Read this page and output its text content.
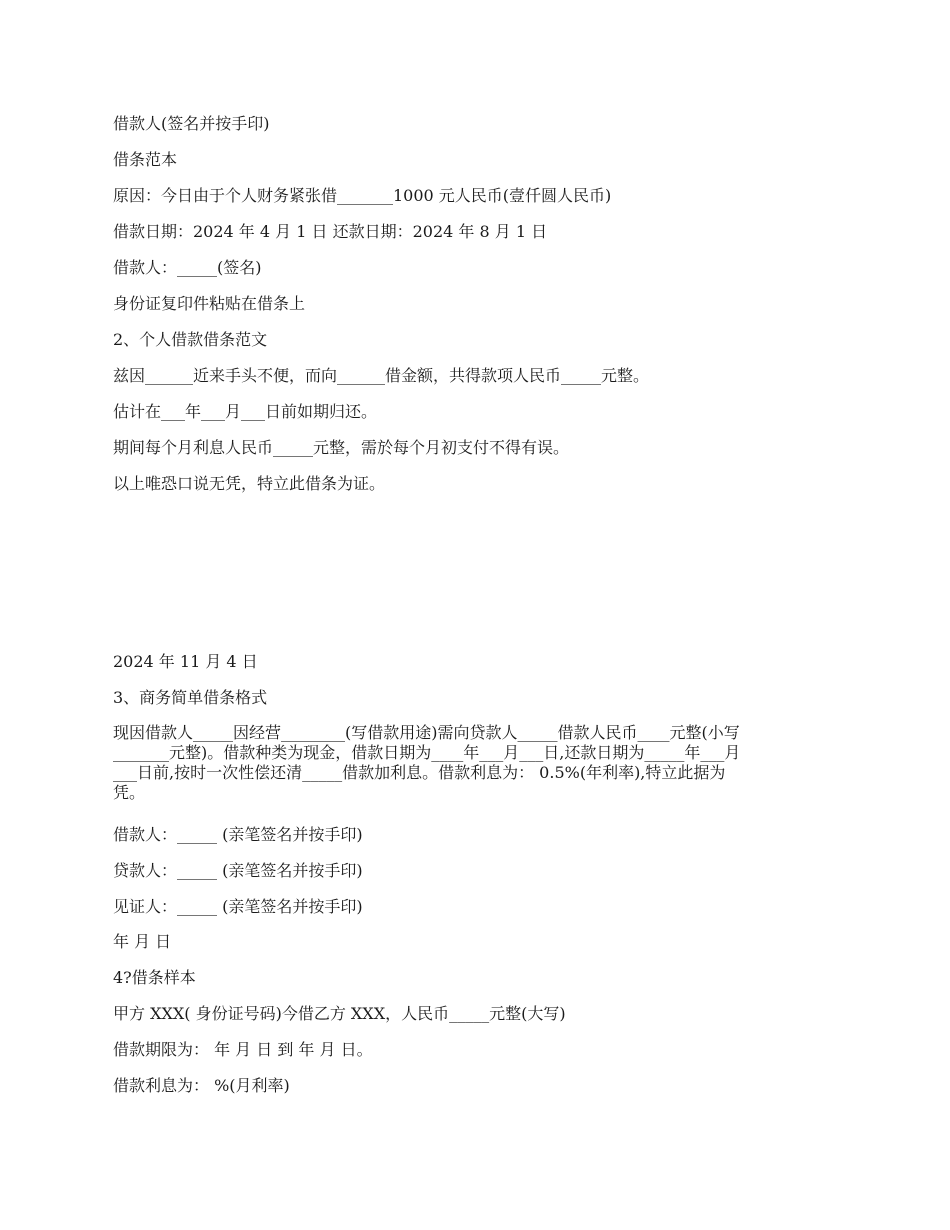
借款人(签名并按手印)
借条范本
原因：今日由于个人财务紧张借_______1000 元人民币(壹仟圆人民币)
借款日期：2024 年 4 月 1 日 还款日期：2024 年 8 月 1 日
借款人：_____(签名)
身份证复印件粘贴在借条上
2、个人借款借条范文
兹因______近来手头不便，而向______借金额，共得款项人民币_____元整。
估计在___年___月___日前如期归还。
期间每个月利息人民币_____元整，需於每个月初支付不得有误。
以上唯恐口说无凭，特立此借条为证。
2024 年 11 月 4 日
3、商务简单借条格式
现因借款人_____因经营________(写借款用途)需向贷款人_____借款人民币____元整(小写
_______元整)。借款种类为现金，借款日期为____年___月___日,还款日期为_____年___月
___日前,按时一次性偿还清_____借款加利息。借款利息为： 0.5%(年利率),特立此据为
凭。
借款人：_____ (亲笔签名并按手印)
贷款人：_____ (亲笔签名并按手印)
见证人：_____ (亲笔签名并按手印)
年 月 日
4?借条样本
甲方 XXX( 身份证号码)今借乙方 XXX，人民币_____元整(大写)
借款期限为： 年 月 日 到 年 月 日。
借款利息为： %(月利率)
